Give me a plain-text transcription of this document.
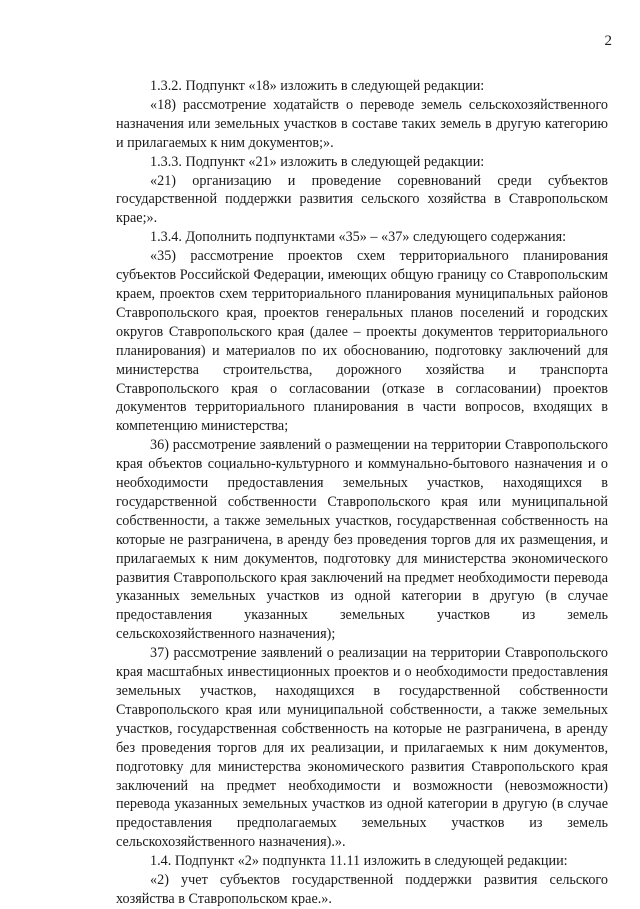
2

1.3.2. Подпункт «18» изложить в следующей редакции:

«18) рассмотрение ходатайств о переводе земель сельскохозяйственного назначения или земельных участков в составе таких земель в другую категорию и прилагаемых к ним документов;».

1.3.3. Подпункт «21» изложить в следующей редакции:

«21) организацию и проведение соревнований среди субъектов государственной поддержки развития сельского хозяйства в Ставропольском крае;».

1.3.4. Дополнить подпунктами «35» – «37» следующего содержания:

«35) рассмотрение проектов схем территориального планирования субъектов Российской Федерации, имеющих общую границу со Ставропольским краем, проектов схем территориального планирования муниципальных районов Ставропольского края, проектов генеральных планов поселений и городских округов Ставропольского края (далее – проекты документов территориального планирования) и материалов по их обоснованию, подготовку заключений для министерства строительства, дорожного хозяйства и транспорта Ставропольского края о согласовании (отказе в согласовании) проектов документов территориального планирования в части вопросов, входящих в компетенцию министерства;

36) рассмотрение заявлений о размещении на территории Ставропольского края объектов социально-культурного и коммунально-бытового назначения и о необходимости предоставления земельных участков, находящихся в государственной собственности Ставропольского края или муниципальной собственности, а также земельных участков, государственная собственность на которые не разграничена, в аренду без проведения торгов для их размещения, и прилагаемых к ним документов, подготовку для министерства экономического развития Ставропольского края заключений на предмет необходимости перевода указанных земельных участков из одной категории в другую (в случае предоставления указанных земельных участков из земель сельскохозяйственного назначения);

37) рассмотрение заявлений о реализации на территории Ставропольского края масштабных инвестиционных проектов и о необходимости предоставления земельных участков, находящихся в государственной собственности Ставропольского края или муниципальной собственности, а также земельных участков, государственная собственность на которые не разграничена, в аренду без проведения торгов для их реализации, и прилагаемых к ним документов, подготовку для министерства экономического развития Ставропольского края заключений на предмет необходимости и возможности (невозможности) перевода указанных земельных участков из одной категории в другую (в случае предоставления предполагаемых земельных участков из земель сельскохозяйственного назначения).».

1.4. Подпункт «2» подпункта 11.11 изложить в следующей редакции:

«2) учет субъектов государственной поддержки развития сельского хозяйства в Ставропольском крае.».
